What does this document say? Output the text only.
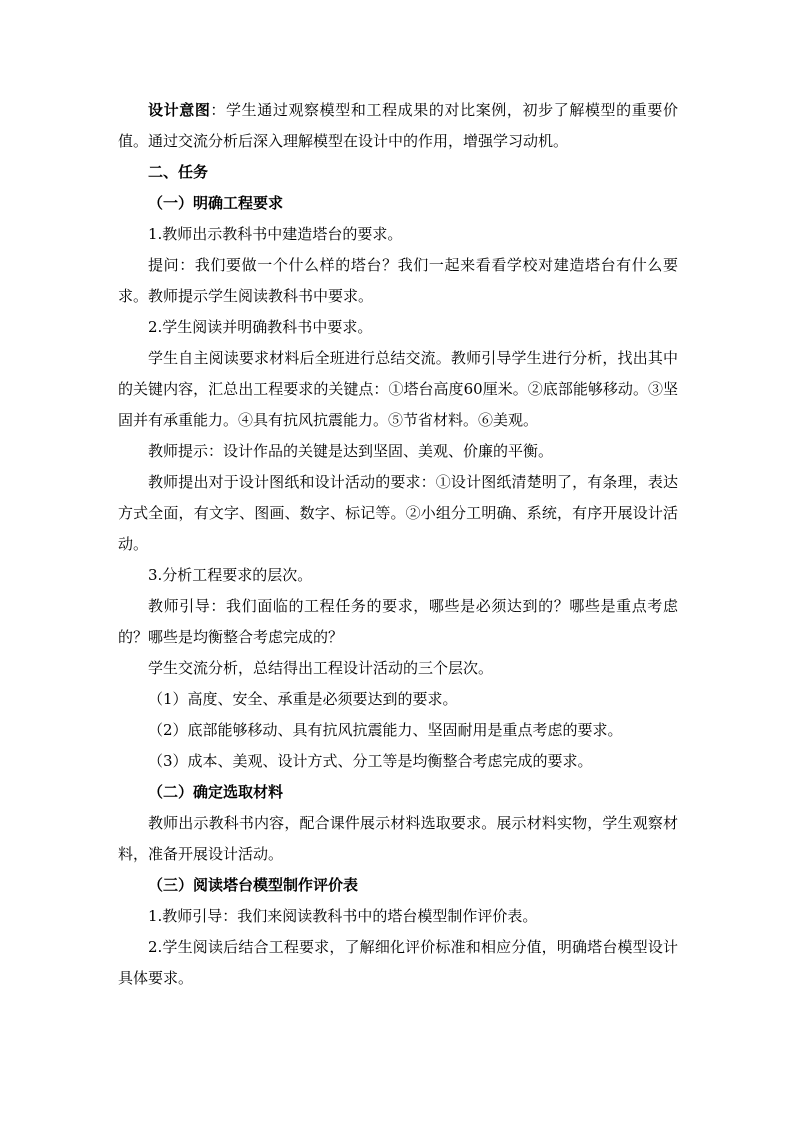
设计意图：学生通过观察模型和工程成果的对比案例，初步了解模型的重要价值。通过交流分析后深入理解模型在设计中的作用，增强学习动机。

二、任务

（一）明确工程要求

1.教师出示教科书中建造塔台的要求。

提问：我们要做一个什么样的塔台？我们一起来看看学校对建造塔台有什么要求。教师提示学生阅读教科书中要求。

2.学生阅读并明确教科书中要求。

学生自主阅读要求材料后全班进行总结交流。教师引导学生进行分析，找出其中的关键内容，汇总出工程要求的关键点：①塔台高度60厘米。②底部能够移动。③坚固并有承重能力。④具有抗风抗震能力。⑤节省材料。⑥美观。

教师提示：设计作品的关键是达到坚固、美观、价廉的平衡。

教师提出对于设计图纸和设计活动的要求：①设计图纸清楚明了，有条理，表达方式全面，有文字、图画、数字、标记等。②小组分工明确、系统，有序开展设计活动。

3.分析工程要求的层次。

教师引导：我们面临的工程任务的要求，哪些是必须达到的？哪些是重点考虑的？哪些是均衡整合考虑完成的？

学生交流分析，总结得出工程设计活动的三个层次。

（1）高度、安全、承重是必须要达到的要求。

（2）底部能够移动、具有抗风抗震能力、坚固耐用是重点考虑的要求。

（3）成本、美观、设计方式、分工等是均衡整合考虑完成的要求。

（二）确定选取材料

教师出示教科书内容，配合课件展示材料选取要求。展示材料实物，学生观察材料，准备开展设计活动。

（三）阅读塔台模型制作评价表

1.教师引导：我们来阅读教科书中的塔台模型制作评价表。

2.学生阅读后结合工程要求，了解细化评价标准和相应分值，明确塔台模型设计具体要求。
